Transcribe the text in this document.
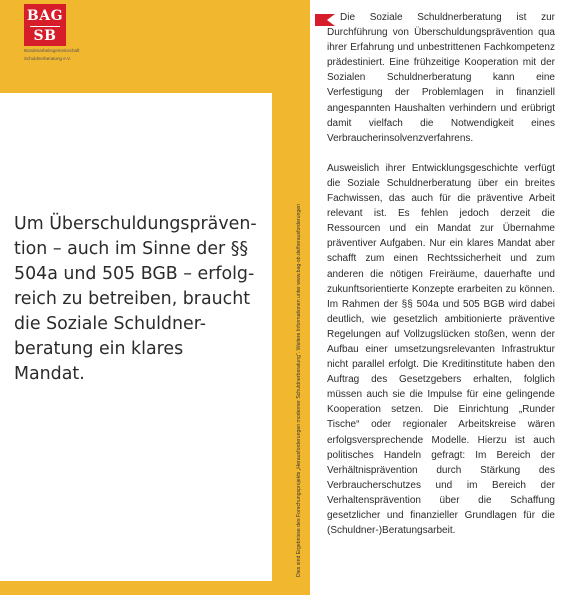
BAG
SB
Bundesarbeitsgemeinschaft
Schuldnerberatung e.V.
Um Überschuldungspräven-
tion – auch im Sinne der §§
504a und 505 BGB – erfolg-
reich zu betreiben, braucht
die Soziale Schuldner-
beratung ein klares
Mandat.	Dies sind Ergebnisse des Forschungsprojekts „Herausforderungen moderner Schuldnerberatung“. Weitere Informationen unter www.bag-sb.de/herausforderungen

Die Soziale Schuldnerberatung ist zur Durchführung von Überschuldungsprävention qua ihrer Erfahrung und unbestrittenen Fachkompetenz prädestiniert. Eine frühzeitige Kooperation mit der Sozialen Schuldnerberatung kann eine Verfestigung der Problemlagen in finanziell angespannten Haushalten verhindern und erübrigt damit vielfach die Notwendigkeit eines Verbraucherinsolvenzverfahrens.

Ausweislich ihrer Entwicklungsgeschichte verfügt die Soziale Schuldnerberatung über ein breites Fachwissen, das auch für die präventive Arbeit relevant ist. Es fehlen jedoch derzeit die Ressourcen und ein Mandat zur Übernahme präventiver Aufgaben. Nur ein klares Mandat aber schafft zum einen Rechtssicherheit und zum anderen die nötigen Freiräume, dauerhafte und zukunftsorientierte Konzepte erarbeiten zu können. Im Rahmen der §§ 504a und 505 BGB wird dabei deutlich, wie gesetzlich ambitionierte präventive Regelungen auf Vollzugslücken stoßen, wenn der Aufbau einer umsetzungsrelevanten Infrastruktur nicht parallel erfolgt. Die Kreditinstitute haben den Auftrag des Gesetzgebers erhalten, folglich müssen auch sie die Impulse für eine gelingende Kooperation setzen. Die Einrichtung „Runder Tische“ oder regionaler Arbeitskreise wären erfolgsversprechende Modelle. Hierzu ist auch politisches Handeln gefragt: Im Bereich der Verhältnisprävention durch Stärkung des Verbraucherschutzes und im Bereich der Verhaltensprävention über die Schaffung gesetzlicher und finanzieller Grundlagen für die (Schuldner-)Beratungsarbeit.
